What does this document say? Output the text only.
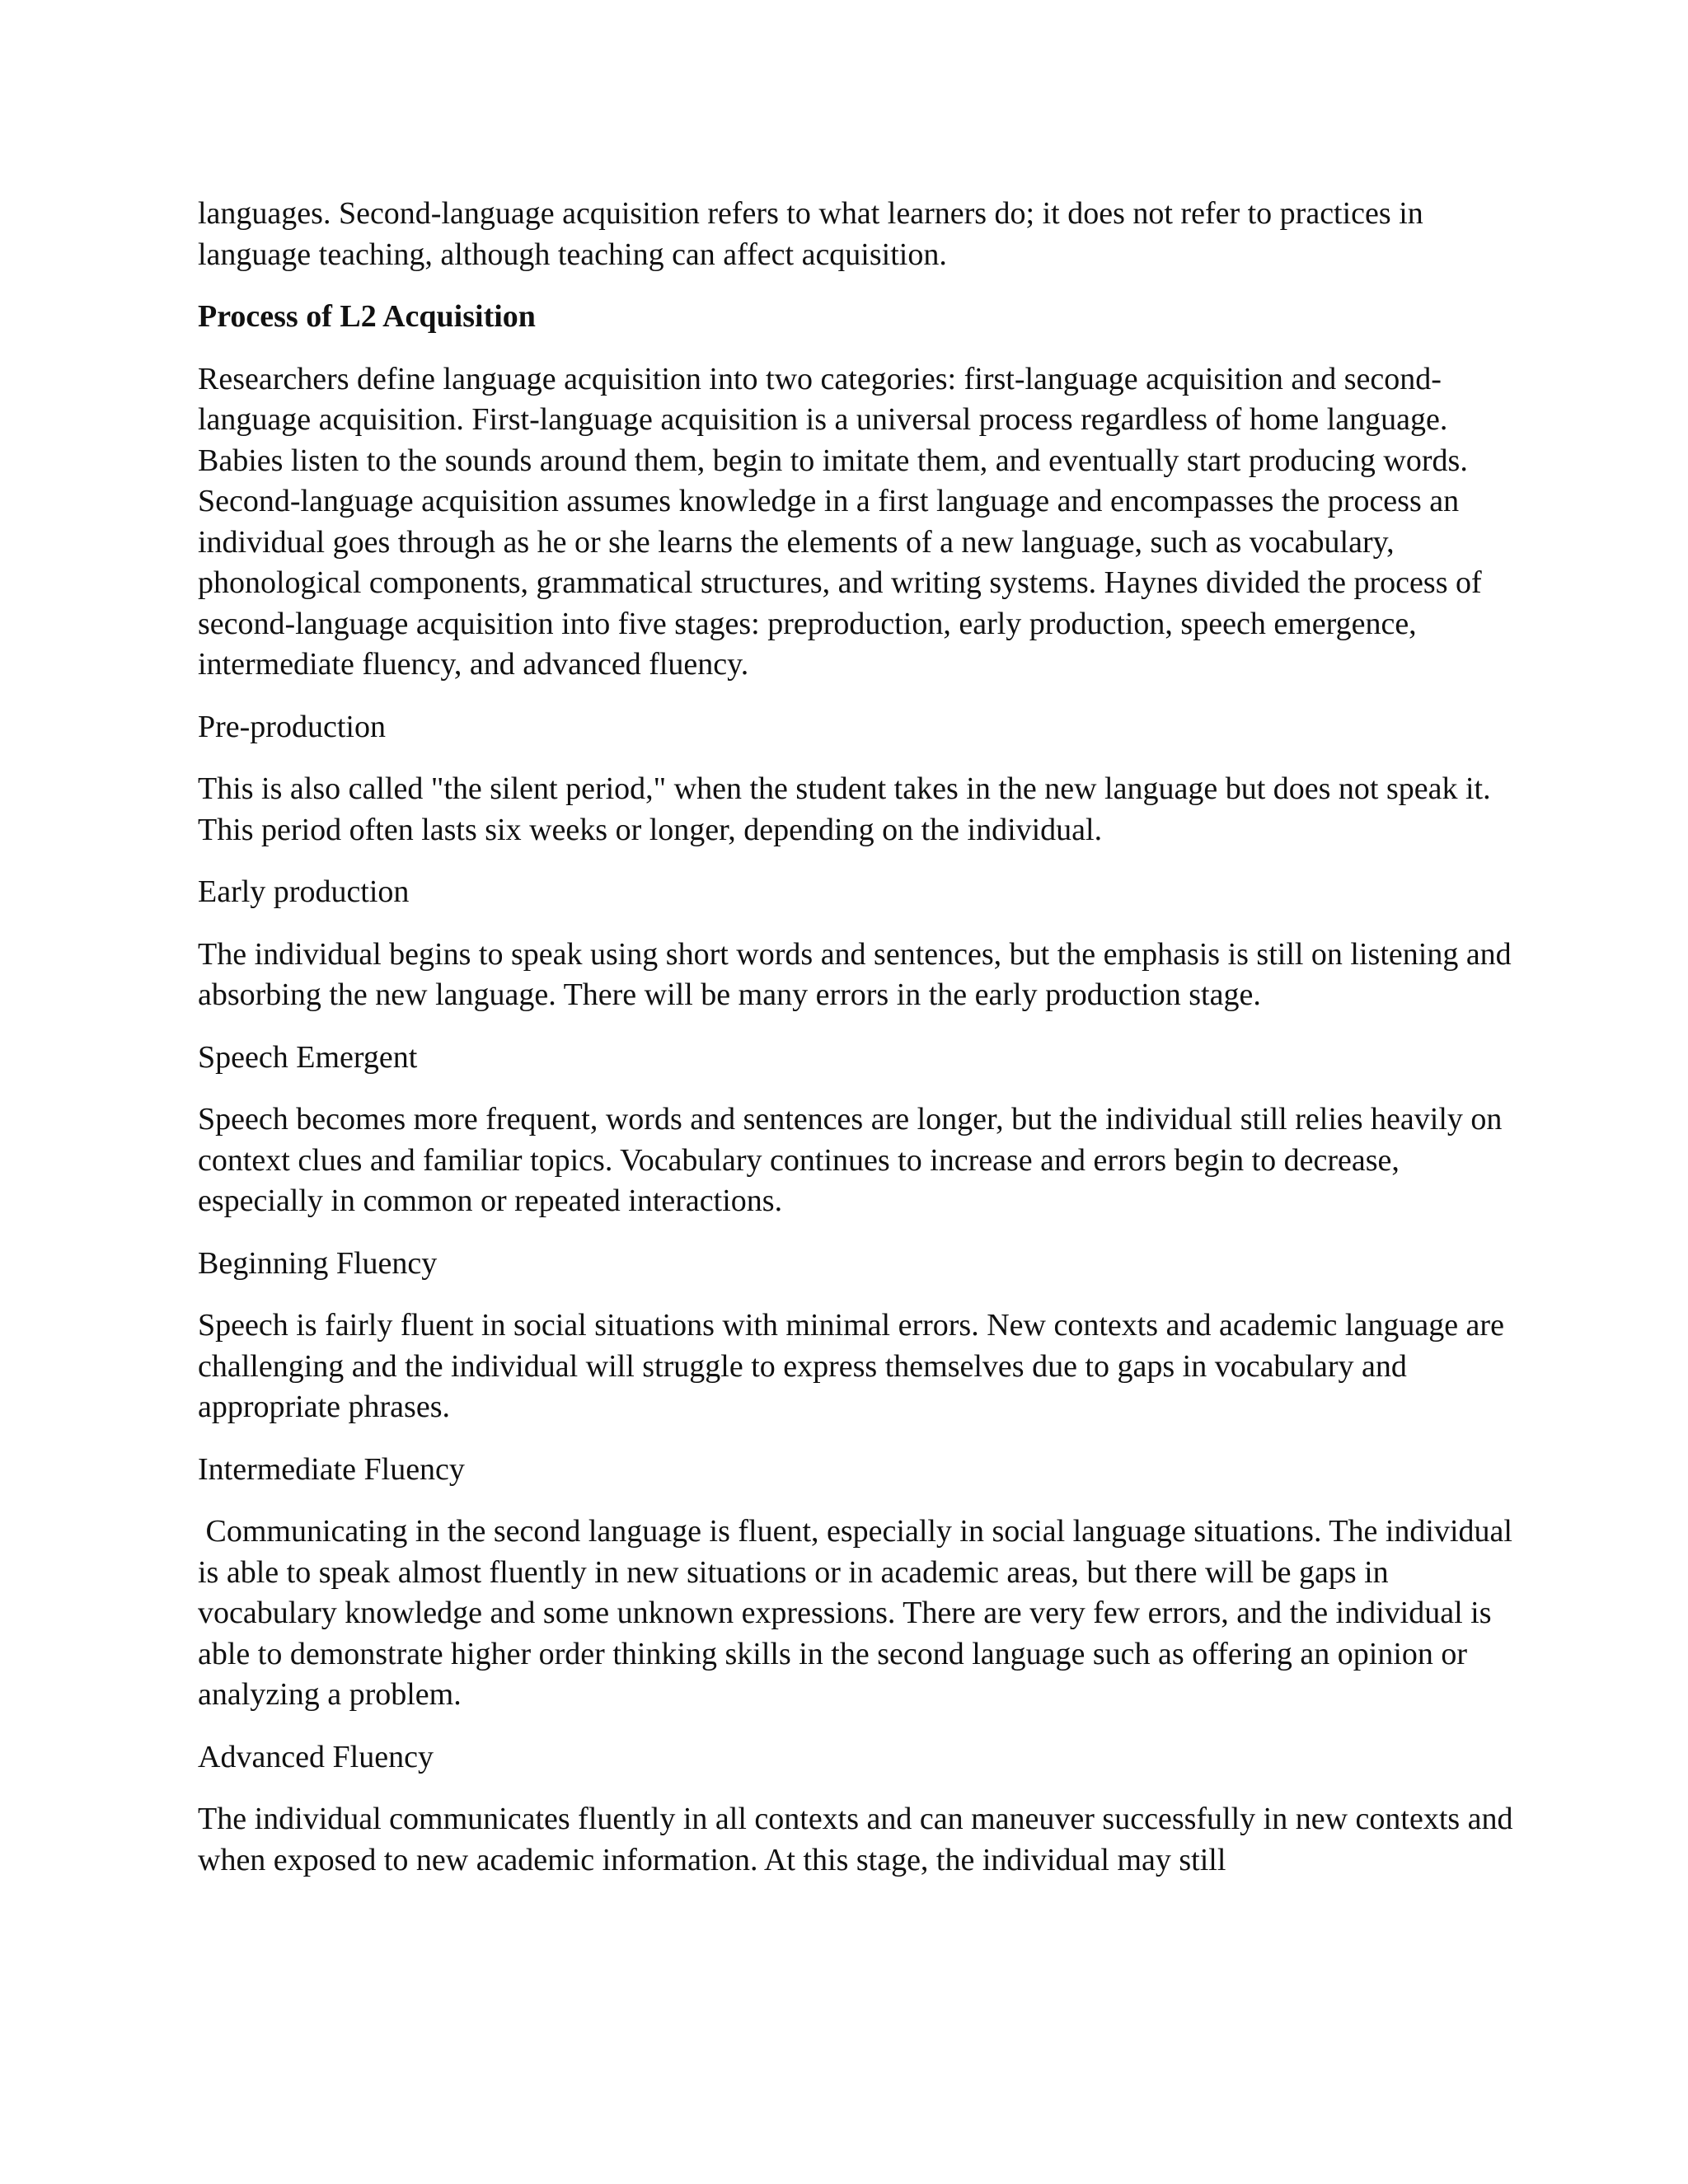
languages. Second-language acquisition refers to what learners do; it does not refer to practices in language teaching, although teaching can affect acquisition.

Process of L2 Acquisition

Researchers define language acquisition into two categories: first-language acquisition and second-language acquisition. First-language acquisition is a universal process regardless of home language. Babies listen to the sounds around them, begin to imitate them, and eventually start producing words. Second-language acquisition assumes knowledge in a first language and encompasses the process an individual goes through as he or she learns the elements of a new language, such as vocabulary, phonological components, grammatical structures, and writing systems. Haynes divided the process of second-language acquisition into five stages: preproduction, early production, speech emergence, intermediate fluency, and advanced fluency.

Pre-production

This is also called "the silent period," when the student takes in the new language but does not speak it. This period often lasts six weeks or longer, depending on the individual.

Early production

The individual begins to speak using short words and sentences, but the emphasis is still on listening and absorbing the new language. There will be many errors in the early production stage.

Speech Emergent

Speech becomes more frequent, words and sentences are longer, but the individual still relies heavily on context clues and familiar topics. Vocabulary continues to increase and errors begin to decrease, especially in common or repeated interactions.

Beginning Fluency

Speech is fairly fluent in social situations with minimal errors. New contexts and academic language are challenging and the individual will struggle to express themselves due to gaps in vocabulary and appropriate phrases.

Intermediate Fluency

Communicating in the second language is fluent, especially in social language situations. The individual is able to speak almost fluently in new situations or in academic areas, but there will be gaps in vocabulary knowledge and some unknown expressions. There are very few errors, and the individual is able to demonstrate higher order thinking skills in the second language such as offering an opinion or analyzing a problem.

Advanced Fluency

The individual communicates fluently in all contexts and can maneuver successfully in new contexts and when exposed to new academic information. At this stage, the individual may still
